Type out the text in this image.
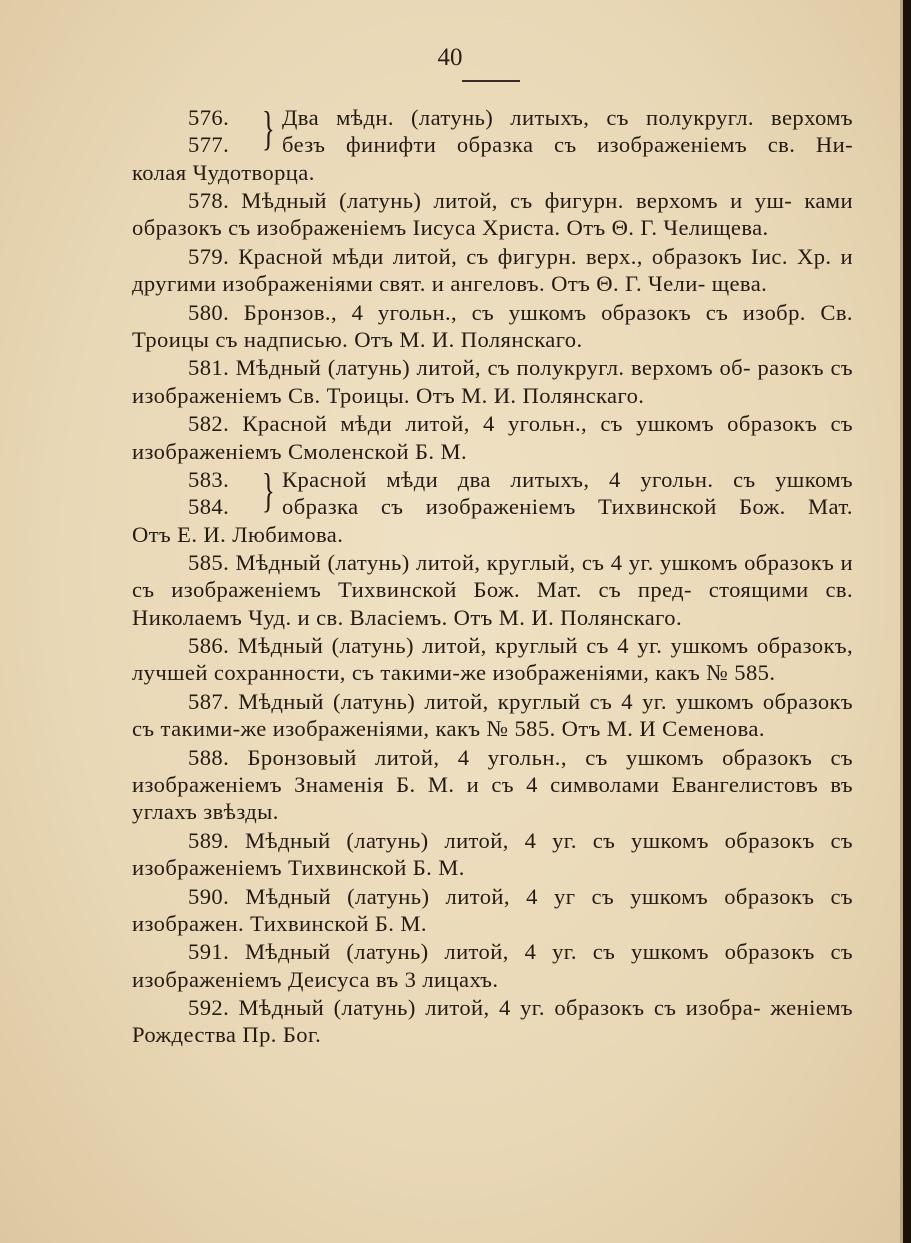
40
576.
577. } Два мѣдн. (латунь) литыхъ, съ полукругл. верхомъ
безъ финифти образка съ изображеніемъ св. Ни-

колая Чудотворца.

578. Мѣдный (латунь) литой, съ фигурн. верхомъ и уш- ками образокъ съ изображеніемъ Іисуса Христа. Отъ Θ. Г. Челищева.

579. Красной мѣди литой, съ фигурн. верх., образокъ Іис. Хр. и другими изображеніями свят. и ангеловъ. Отъ Θ. Г. Чели- щева.

580. Бронзов., 4 угольн., съ ушкомъ образокъ съ изобр. Св. Троицы съ надписью. Отъ М. И. Полянскаго.

581. Мѣдный (латунь) литой, съ полукругл. верхомъ об- разокъ съ изображеніемъ Св. Троицы. Отъ М. И. Полянскаго.

582. Красной мѣди литой, 4 угольн., съ ушкомъ образокъ съ изображеніемъ Смоленской Б. М.

583.
584. } Красной мѣди два литыхъ, 4 угольн. съ ушкомъ
образка съ изображеніемъ Тихвинской Бож. Мат.

Отъ Е. И. Любимова.

585. Мѣдный (латунь) литой, круглый, съ 4 уг. ушкомъ образокъ и съ изображеніемъ Тихвинской Бож. Мат. съ пред- стоящими св. Николаемъ Чуд. и св. Власіемъ. Отъ М. И. Полянскаго.

586. Мѣдный (латунь) литой, круглый съ 4 уг. ушкомъ образокъ, лучшей сохранности, съ такими-же изображеніями, какъ № 585.

587. Мѣдный (латунь) литой, круглый съ 4 уг. ушкомъ образокъ съ такими-же изображеніями, какъ № 585. Отъ М. И Семенова.

588. Бронзовый литой, 4 угольн., съ ушкомъ образокъ съ изображеніемъ Знаменія Б. М. и съ 4 символами Евангелистовъ въ углахъ звѣзды.

589. Мѣдный (латунь) литой, 4 уг. съ ушкомъ образокъ съ изображеніемъ Тихвинской Б. М.

590. Мѣдный (латунь) литой, 4 уг съ ушкомъ образокъ съ изображен. Тихвинской Б. М.

591. Мѣдный (латунь) литой, 4 уг. съ ушкомъ образокъ съ изображеніемъ Деисуса въ 3 лицахъ.

592. Мѣдный (латунь) литой, 4 уг. образокъ съ изобра- женіемъ Рождества Пр. Бог.
